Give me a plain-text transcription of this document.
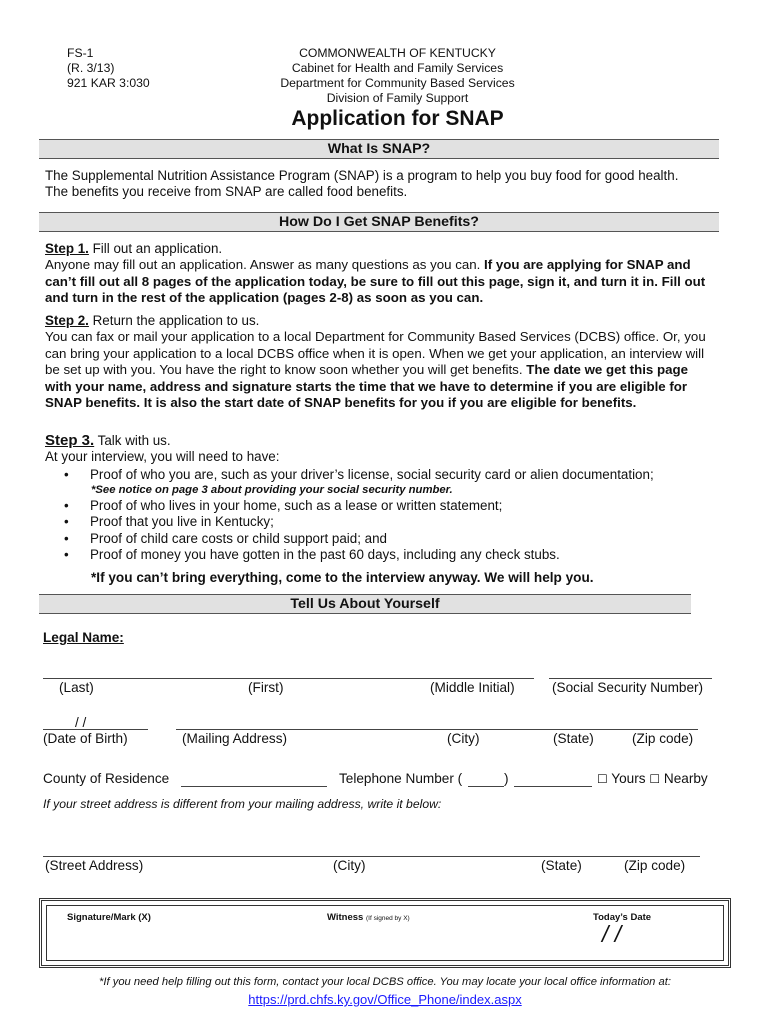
FS-1
(R. 3/13)
921 KAR 3:030
COMMONWEALTH OF KENTUCKY
Cabinet for Health and Family Services
Department for Community Based Services
Division of Family Support
Application for SNAP
What Is SNAP?
The Supplemental Nutrition Assistance Program (SNAP) is a program to help you buy food for good health.
The benefits you receive from SNAP are called food benefits.
How Do I Get SNAP Benefits?
Step 1. Fill out an application.
Anyone may fill out an application. Answer as many questions as you can. If you are applying for SNAP and can’t fill out all 8 pages of the application today, be sure to fill out this page, sign it, and turn it in. Fill out and turn in the rest of the application (pages 2-8) as soon as you can.
Step 2. Return the application to us.
You can fax or mail your application to a local Department for Community Based Services (DCBS) office. Or, you can bring your application to a local DCBS office when it is open. When we get your application, an interview will be set up with you. You have the right to know soon whether you will get benefits. The date we get this page with your name, address and signature starts the time that we have to determine if you are eligible for SNAP benefits. It is also the start date of SNAP benefits for you if you are eligible for benefits.
Step 3. Talk with us.
At your interview, you will need to have:
• Proof of who you are, such as your driver’s license, social security card or alien documentation;
*See notice on page 3 about providing your social security number.
• Proof of who lives in your home, such as a lease or written statement;
• Proof that you live in Kentucky;
• Proof of child care costs or child support paid; and
• Proof of money you have gotten in the past 60 days, including any check stubs.
*If you can’t bring everything, come to the interview anyway. We will help you.
Tell Us About Yourself
Legal Name:
(Last)	(First)	(Middle Initial)	(Social Security Number)
/ /
(Date of Birth)	(Mailing Address)	(City)	(State)	(Zip code)
County of Residence	Telephone Number (	)	☐ Yours ☐ Nearby
If your street address is different from your mailing address, write it below:
(Street Address)	(City)	(State)	(Zip code)
Signature/Mark (X)	Witness (If signed by X)	Today’s Date
/ /
*If you need help filling out this form, contact your local DCBS office. You may locate your local office information at:
https://prd.chfs.ky.gov/Office_Phone/index.aspx
